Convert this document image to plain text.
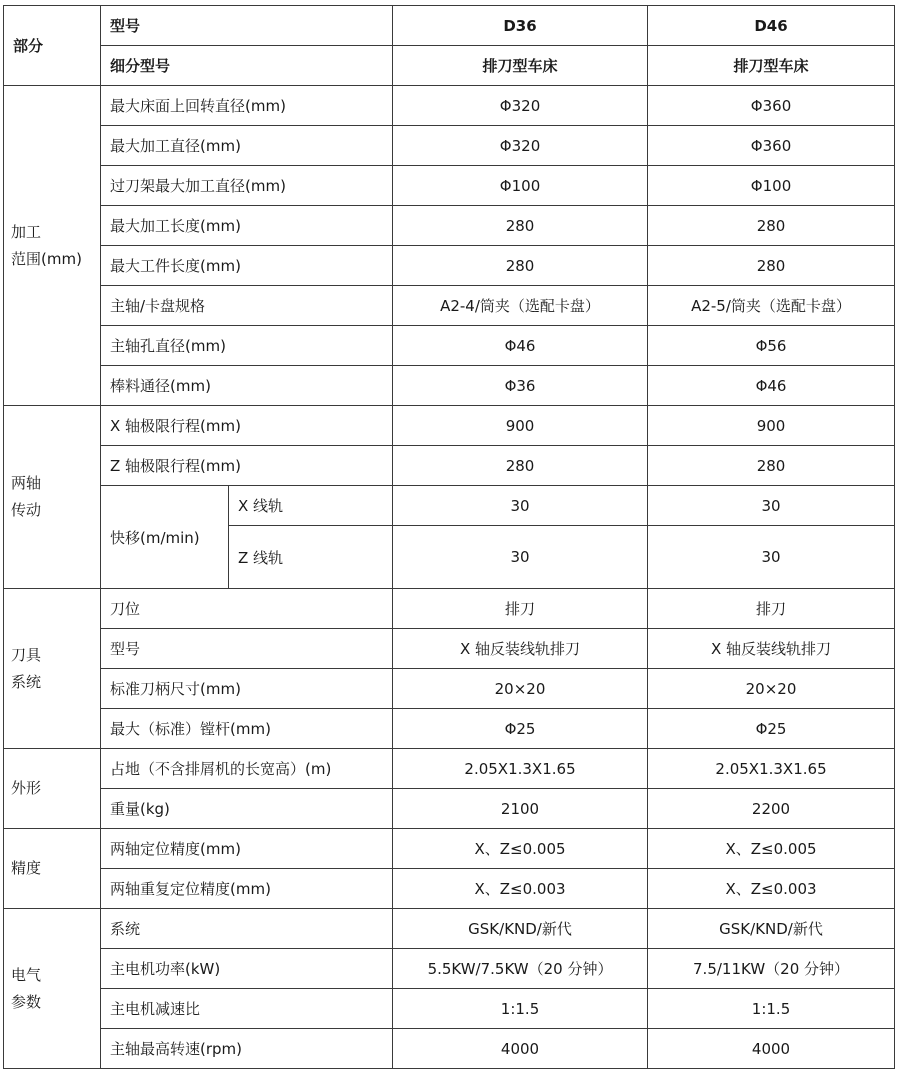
部分	型号		D36	D46
	细分型号		排刀型车床	排刀型车床
加工
范围(mm)	最大床面上回转直径(mm)		Φ320	Φ360
	最大加工直径(mm)		Φ320	Φ360
	过刀架最大加工直径(mm)		Φ100	Φ100
	最大加工长度(mm)		280	280
	最大工件长度(mm)		280	280
	主轴/卡盘规格		A2-4/筒夹（选配卡盘）	A2-5/筒夹（选配卡盘）
	主轴孔直径(mm)		Φ46	Φ56
	棒料通径(mm)		Φ36	Φ46
两轴
传动	X 轴极限行程(mm)		900	900
	Z 轴极限行程(mm)		280	280
	快移(m/min)	X 线轨	30	30
		Z 线轨	30	30
刀具
系统	刀位		排刀	排刀
	型号		X 轴反装线轨排刀	X 轴反装线轨排刀
	标准刀柄尺寸(mm)		20×20	20×20
	最大（标准）镗杆(mm)		Φ25	Φ25
外形	占地（不含排屑机的长宽高）(m)		2.05X1.3X1.65	2.05X1.3X1.65
	重量(kg)		2100	2200
精度	两轴定位精度(mm)		X、Z≤0.005	X、Z≤0.005
	两轴重复定位精度(mm)		X、Z≤0.003	X、Z≤0.003
电气
参数	系统		GSK/KND/新代	GSK/KND/新代
	主电机功率(kW)		5.5KW/7.5KW（20 分钟）	7.5/11KW（20 分钟）
	主电机减速比		1:1.5	1:1.5
	主轴最高转速(rpm)		4000	4000
